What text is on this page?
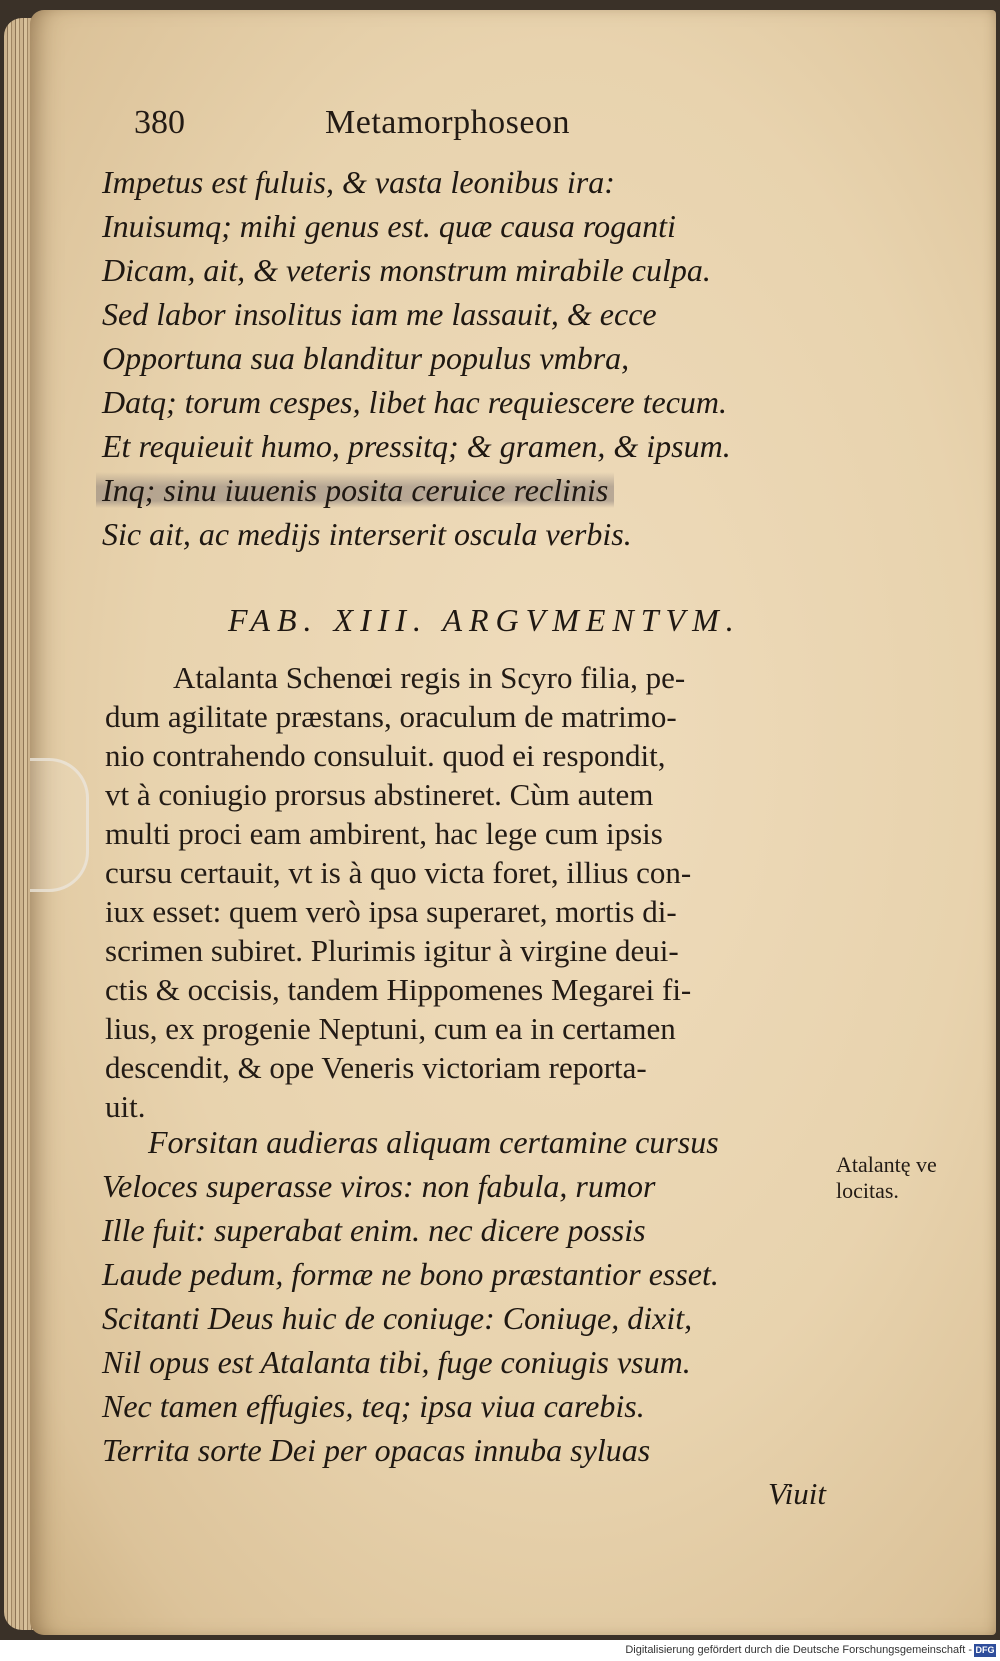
380	Metamorphoseon
Impetus est fuluis, & vasta leonibus ira:
Inuisumq; mihi genus est. quæ causa roganti
Dicam, ait, & veteris monstrum mirabile culpa.
Sed labor insolitus iam me lassauit, & ecce
Opportuna sua blanditur populus vmbra,
Datq; torum cespes, libet hac requiescere tecum.
Et requieuit humo, pressitq; & gramen, & ipsum.
Inq; sinu iuuenis posita ceruice reclinis
Sic ait, ac medijs interserit oscula verbis.
FAB. XIII. ARGVMENTVM.
Atalanta Schenœi regis in Scyro filia, pe-
dum agilitate præstans, oraculum de matrimo-
nio contrahendo consuluit. quod ei respondit,
vt à coniugio prorsus abstineret. Cùm autem
multi proci eam ambirent, hac lege cum ipsis
cursu certauit, vt is à quo victa foret, illius con-
iux esset: quem verò ipsa superaret, mortis di-
scrimen subiret. Plurimis igitur à virgine deui-
ctis & occisis, tandem Hippomenes Megarei fi-
lius, ex progenie Neptuni, cum ea in certamen
descendit, & ope Veneris victoriam reporta-
uit.
Forsitan audieras aliquam certamine cursus
Veloces superasse viros: non fabula, rumor
Ille fuit: superabat enim. nec dicere possis
Laude pedum, formæ ne bono præstantior esset.
Scitanti Deus huic de coniuge: Coniuge, dixit,
Nil opus est Atalanta tibi, fuge coniugis vsum.
Nec tamen effugies, teq; ipsa viua carebis.
Territa sorte Dei per opacas innuba syluas
Atalantę ve
locitas.
Viuit
Digitalisierung gefördert durch die Deutsche Forschungsgemeinschaft - DFG
